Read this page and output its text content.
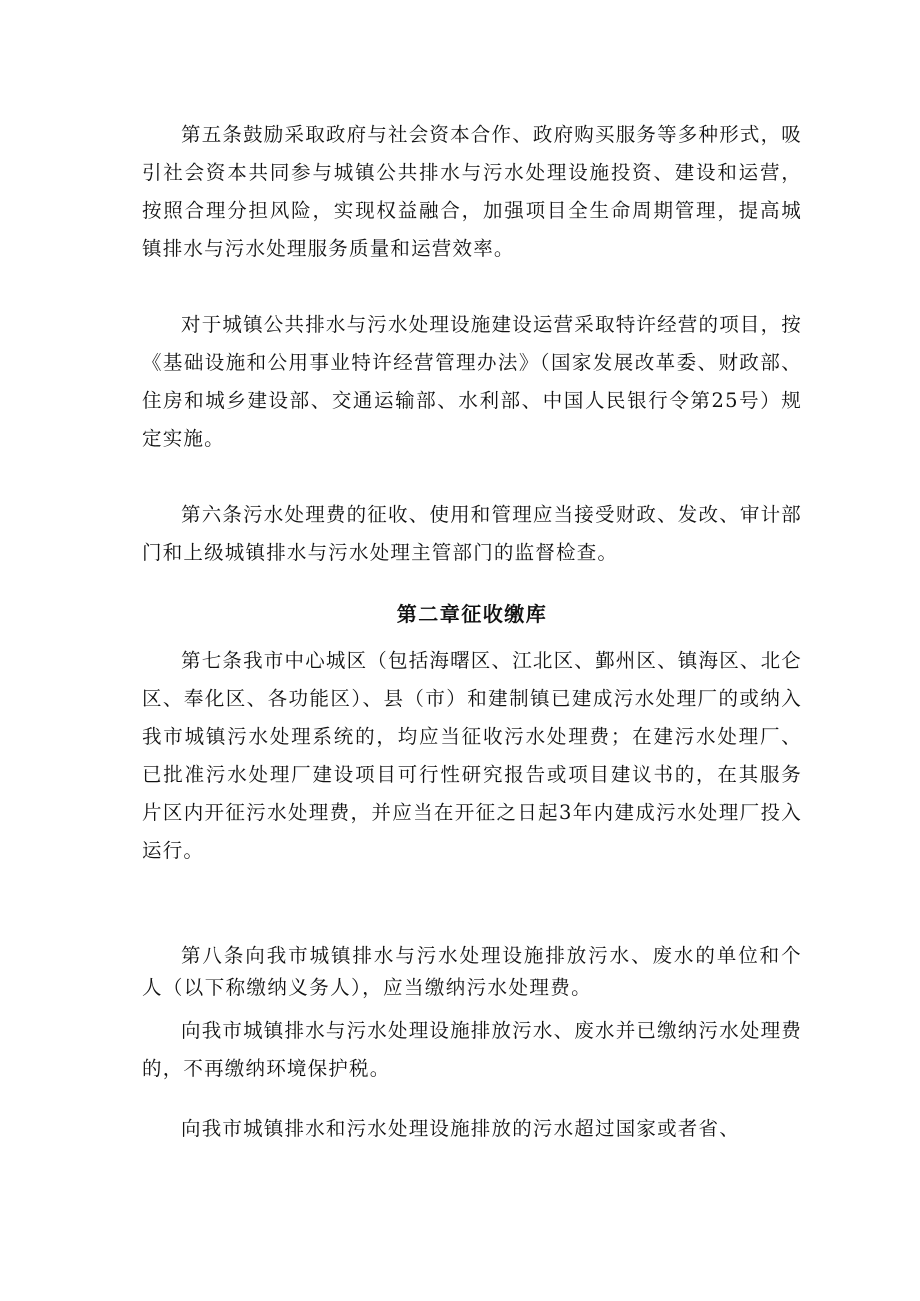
第五条鼓励采取政府与社会资本合作、政府购买服务等多种形式，吸引社会资本共同参与城镇公共排水与污水处理设施投资、建设和运营，按照合理分担风险，实现权益融合，加强项目全生命周期管理，提高城镇排水与污水处理服务质量和运营效率。

对于城镇公共排水与污水处理设施建设运营采取特许经营的项目，按《基础设施和公用事业特许经营管理办法》（国家发展改革委、财政部、住房和城乡建设部、交通运输部、水利部、中国人民银行令第25号）规定实施。

第六条污水处理费的征收、使用和管理应当接受财政、发改、审计部门和上级城镇排水与污水处理主管部门的监督检查。

第二章征收缴库

第七条我市中心城区（包括海曙区、江北区、鄞州区、镇海区、北仑区、奉化区、各功能区）、县（市）和建制镇已建成污水处理厂的或纳入我市城镇污水处理系统的，均应当征收污水处理费；在建污水处理厂、已批准污水处理厂建设项目可行性研究报告或项目建议书的，在其服务片区内开征污水处理费，并应当在开征之日起3年内建成污水处理厂投入运行。

第八条向我市城镇排水与污水处理设施排放污水、废水的单位和个人（以下称缴纳义务人），应当缴纳污水处理费。

向我市城镇排水与污水处理设施排放污水、废水并已缴纳污水处理费的，不再缴纳环境保护税。

向我市城镇排水和污水处理设施排放的污水超过国家或者省、
